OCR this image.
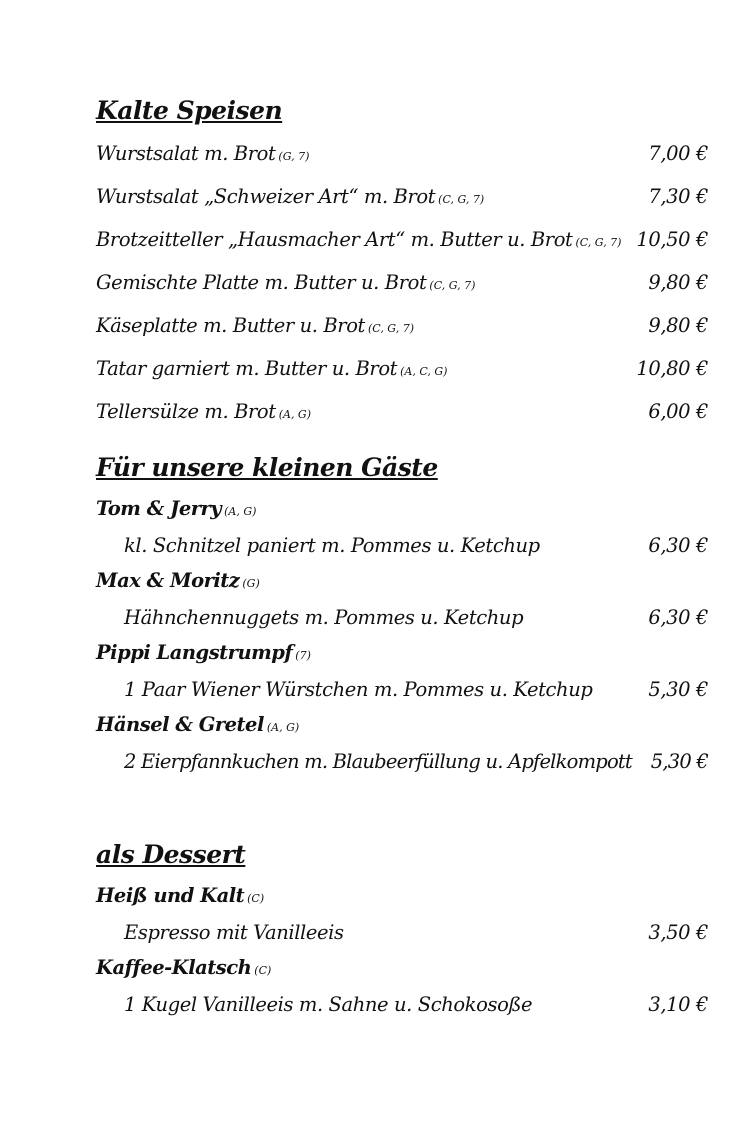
Kalte Speisen
Wurstsalat m. Brot (G, 7)	7,00 €
Wurstsalat „Schweizer Art“ m. Brot (C, G, 7)	7,30 €
Brotzeitteller „Hausmacher Art“ m. Butter u. Brot (C, G, 7) 10,50 €
Gemischte Platte m. Butter u. Brot (C, G, 7)	9,80 €
Käseplatte m. Butter u. Brot (C, G, 7)	9,80 €
Tatar garniert m. Butter u. Brot (A, C, G)	10,80 €
Tellersülze m. Brot (A, G)	6,00 €
Für unsere kleinen Gäste
Tom & Jerry (A, G)
kl. Schnitzel paniert m. Pommes u. Ketchup	6,30 €
Max & Moritz (G)
Hähnchennuggets m. Pommes u. Ketchup	6,30 €
Pippi Langstrumpf (7)
1 Paar Wiener Würstchen m. Pommes u. Ketchup	5,30 €
Hänsel & Gretel (A, G)
2 Eierpfannkuchen m. Blaubeerfüllung u. Apfelkompott 5,30 €
als Dessert
Heiß und Kalt (C)
Espresso mit Vanilleeis	3,50 €
Kaffee-Klatsch (C)
1 Kugel Vanilleeis m. Sahne u. Schokosoße	3,10 €
